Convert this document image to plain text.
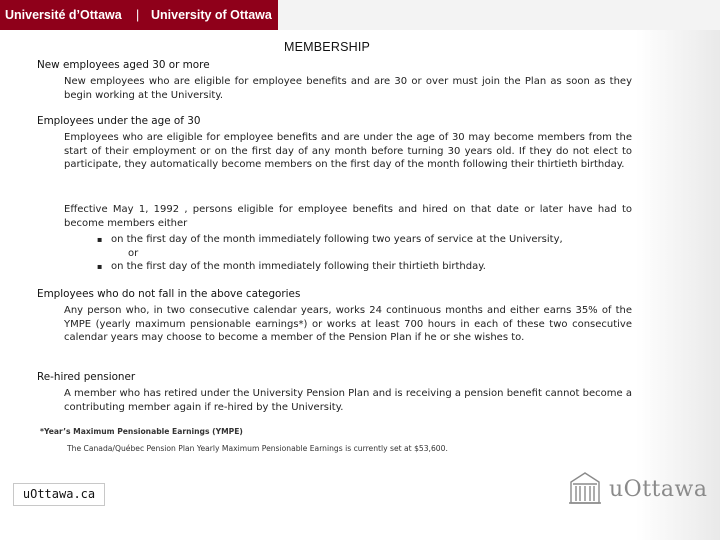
Université d’Ottawa | University of Ottawa
MEMBERSHIP
New employees aged 30 or more
New employees who are eligible for employee benefits and are 30 or over must join the Plan as soon as they begin working at the University.
Employees under the age of 30
Employees who are eligible for employee benefits and are under the age of 30 may become members from the start of their employment or on the first day of any month before turning 30 years old. If they do not elect to participate, they automatically become members on the first day of the month following their thirtieth birthday.
Effective May 1, 1992 , persons eligible for employee benefits and hired on that date or later have had to become members either
▪ on the first day of the month immediately following two years of service at the University,
or
▪ on the first day of the month immediately following their thirtieth birthday.
Employees who do not fall in the above categories
Any person who, in two consecutive calendar years, works 24 continuous months and either earns 35% of the YMPE (yearly maximum pensionable earnings*) or works at least 700 hours in each of these two consecutive calendar years may choose to become a member of the Pension Plan if he or she wishes to.
Re-hired pensioner
A member who has retired under the University Pension Plan and is receiving a pension benefit cannot become a contributing member again if re-hired by the University.
*Year’s Maximum Pensionable Earnings (YMPE)
The Canada/Québec Pension Plan Yearly Maximum Pensionable Earnings is currently set at $53,600.
uOttawa.ca	uOttawa
